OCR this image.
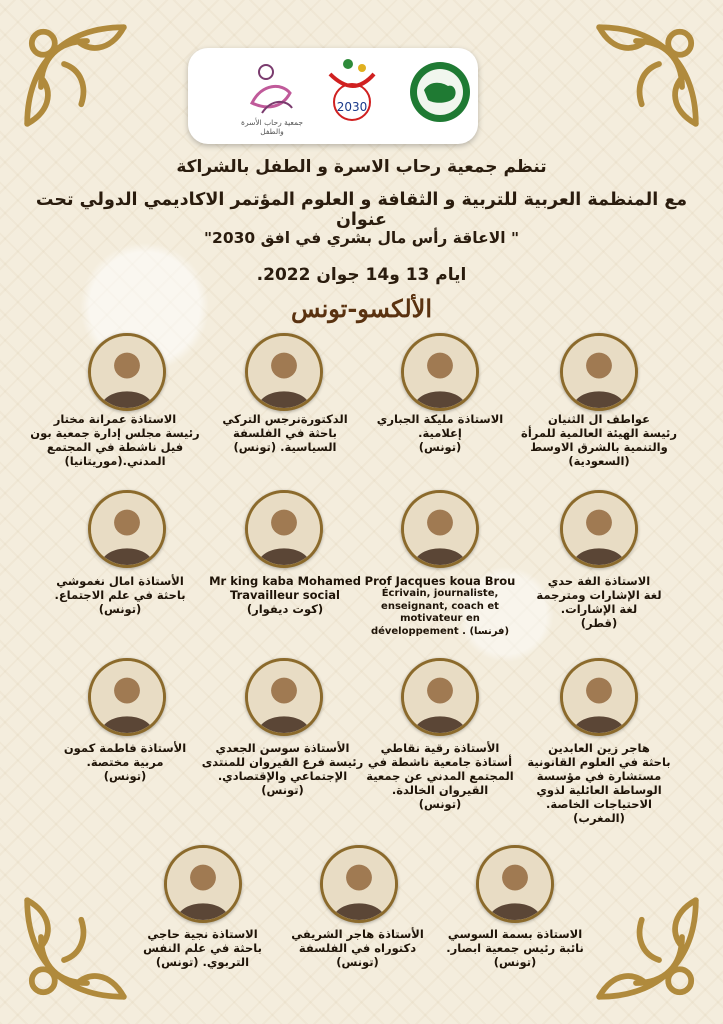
جمعية رحاب الأسرة والطفل
2030
تنظم جمعية رحاب الاسرة و الطفل بالشراكة
مع المنظمة العربية للتربية و الثقافة و العلوم المؤتمر الاكاديمي الدولي تحت عنوان
" الاعاقة رأس مال بشري في افق 2030"
ايام 13 و14 جوان 2022.
الألكسو-تونس
عواطف ال الثنيان
رئيسة الهيئة العالمية للمرأة
والتنمية بالشرق الاوسط
(السعودية)
الاستاذة مليكة الجباري
إعلامية.
(تونس)
الدكتورةنرجس التركي
باحثة في الفلسفة
السياسية. (تونس)
الاستاذة عمرانة مختار
رئيسة مجلس إدارة جمعية بون
فيل ناشطة في المجتمع
المدني.(موريتانيا)
الاستاذة الفة حدي
لغة الإشارات ومترجمة
لغة الإشارات.
(قطر)
Prof Jacques koua Brou
Écrivain, journaliste,
enseignant, coach et
motivateur en
développement . (فرنسا)
Mr king kaba Mohamed
Travailleur social
(كوت ديفوار)
الأستاذة امال نغموشي
باحثة في علم الاجتماع.
(تونس)
هاجر زين العابدين
باحثة في العلوم القانونية
مستشارة في مؤسسة
الوساطة العائلية لذوي
الاحتياجات الخاصة.
(المغرب)
الأستاذة رقية نقاطي
أستاذة جامعية ناشطة في
المجتمع المدني عن جمعية
القيروان الخالدة.
(تونس)
الأستاذة سوسن الجعدي
رئيسة فرع القيروان للمنتدى
الإجتماعي والإقتصادي.
(تونس)
الأستاذة فاطمة كمون
مربية مختصة.
(تونس)
الاستاذة بسمة السوسي
نائبة رئيس جمعية ابصار.
(تونس)
الأستاذة هاجر الشريفي
دكتوراه في الفلسفة
(تونس)
الاستاذة نجية حاجي
باحثة في علم النفس
التربوي. (تونس)
